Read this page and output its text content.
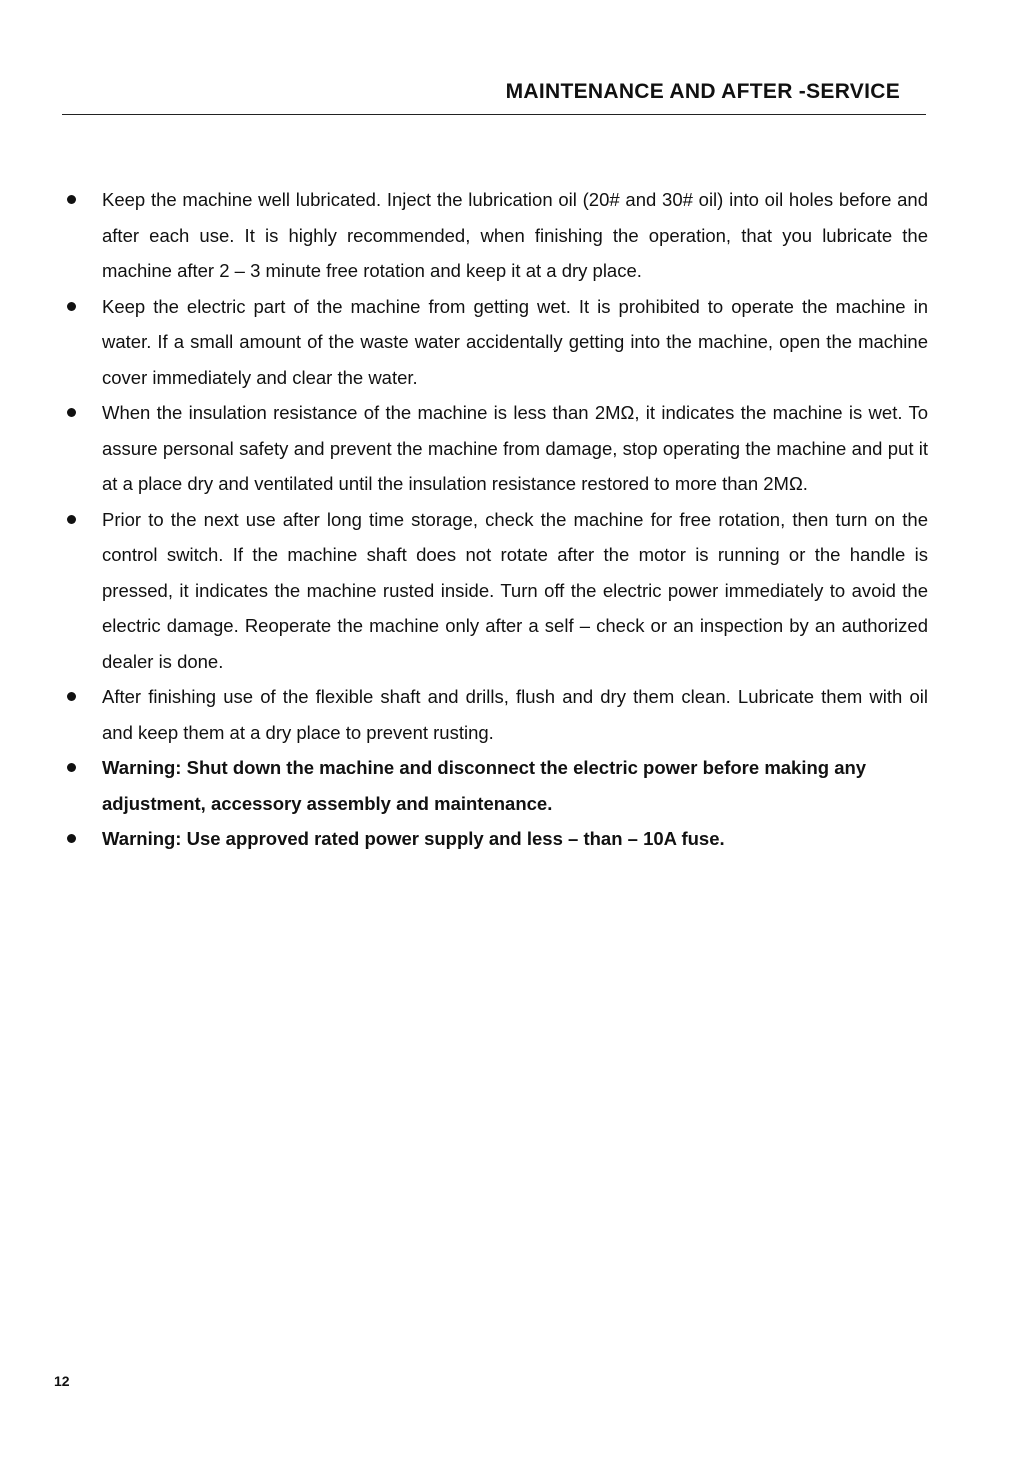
MAINTENANCE AND AFTER -SERVICE
Keep the machine well lubricated. Inject the lubrication oil (20# and 30# oil) into oil holes before and after each use. It is highly recommended, when finishing the operation, that you lubricate the machine after 2 – 3 minute free rotation and keep it at a dry place.
Keep the electric part of the machine from getting wet. It is prohibited to operate the machine in water. If a small amount of the waste water accidentally getting into the machine, open the machine cover immediately and clear the water.
When the insulation resistance of the machine is less than 2MΩ, it indicates the machine is wet. To assure personal safety and prevent the machine from damage, stop operating the machine and put it at a place dry and ventilated until the insulation resistance restored to more than 2MΩ.
Prior to the next use after long time storage, check the machine for free rotation, then turn on the control switch. If the machine shaft does not rotate after the motor is running or the handle is pressed, it indicates the machine rusted inside. Turn off the electric power immediately to avoid the electric damage. Reoperate the machine only after a self – check or an inspection by an authorized dealer is done.
After finishing use of the flexible shaft and drills, flush and dry them clean. Lubricate them with oil and keep them at a dry place to prevent rusting.
Warning: Shut down the machine and disconnect the electric power before making any adjustment, accessory assembly and maintenance.
Warning: Use approved rated power supply and less – than – 10A fuse.
12
